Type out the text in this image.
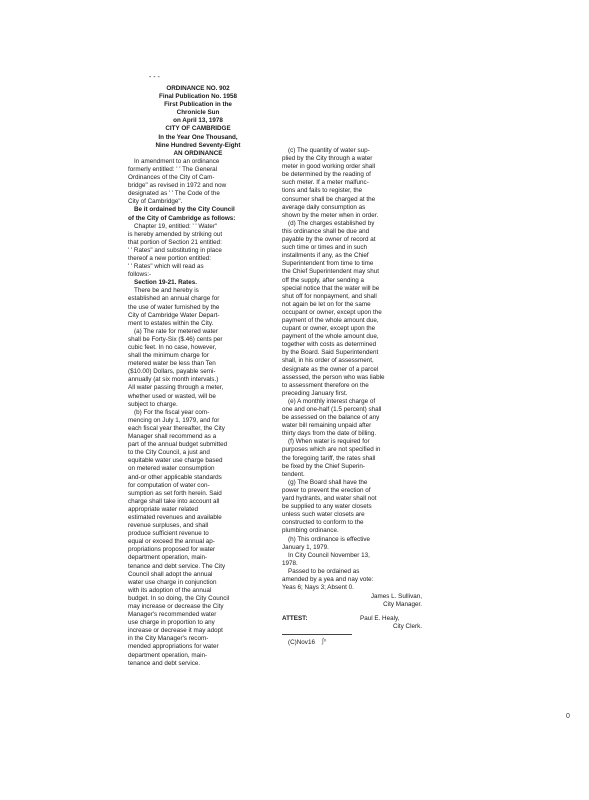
- - -

ORDINANCE NO. 902

Final Publication No. 1958

First Publication in the

Chronicle Sun

on April 13, 1978

CITY OF CAMBRIDGE

In the Year One Thousand,

Nine Hundred Seventy-Eight

AN ORDINANCE

In amendment to an ordinance

formerly entitled: ' ' The General

Ordinances of the City of Cam-

bridge" as revised in 1972 and now

designated as ' ' The Code of the

City of Cambridge".

Be it ordained by the City Council

of the City of Cambridge as follows:

Chapter 19, entitled: ' ' Water"

is hereby amended by striking out

that portion of Section 21 entitled:

' ' Rates" and substituting in place

thereof a new portion entitled:

' ' Rates" which will read as

follows:-

Section 19-21. Rates.

There be and hereby is

established an annual charge for

the use of water furnished by the

City of Cambridge Water Depart-

ment to estates within the City.

(a) The rate for metered water

shall be Forty-Six ($.46) cents per

cubic feet. In no case, however,

shall the minimum charge for

metered water be less than Ten

($10.00) Dollars, payable semi-

annually (at six month intervals.)

All water passing through a meter,

whether used or wasted, will be

subject to charge.

(b) For the fiscal year com-

mencing on July 1, 1979, and for

each fiscal year thereafter, the City

Manager shall recommend as a

part of the annual budget submitted

to the City Council, a just and

equitable water use charge based

on metered water consumption

and-or other applicable standards

for computation of water con-

sumption as set forth herein. Said

charge shall take into account all

appropriate water related

estimated revenues and available

revenue surpluses, and shall

produce sufficient revenue to

equal or exceed the annual ap-

propriations proposed for water

department operation, main-

tenance and debt service. The City

Council shall adopt the annual

water use charge in conjunction

with its adoption of the annual

budget. In so doing, the City Council

may increase or decrease the City

Manager's recommended water

use charge in proportion to any

increase or decrease it may adopt

in the City Manager's recom-

mended appropriations for water

department operation, main-

tenance and debt service.

(c) The quantity of water sup-

plied by the City through a water

meter in good working order shall

be determined by the reading of

such meter. If a meter malfunc-

tions and fails to register, the

consumer shall be charged at the

average daily consumption as

shown by the meter when in order.

(d) The charges established by

this ordinance shall be due and

payable by the owner of record at

such time or times and in such

installments if any, as the Chief

Superintendent from time to time

the Chief Superintendent may shut

off the supply, after sending a

special notice that the water will be

shut off for nonpayment, and shall

not again be let on for the same

occupant or owner, except upon the

payment of the whole amount due,

cupant or owner, except upon the

payment of the whole amount due,

together with costs as determined

by the Board. Said Superintendent

shall, in his order of assessment,

designate as the owner of a parcel

assessed, the person who was liable

to assessment therefore on the

preceding January first.

(e) A monthly interest charge of

one and one-half (1.5 percent) shall

be assessed on the balance of any

water bill remaining unpaid after

thirty days from the date of billing.

(f) When water is required for

purposes which are not specified in

the foregoing tariff, the rates shall

be fixed by the Chief Superin-

tendent.

(g) The Board shall have the

power to prevent the erection of

yard hydrants, and water shall not

be supplied to any water closets

unless such water closets are

constructed to conform to the

plumbing ordinance.

(h) This ordinance is effective

January 1, 1979.

In City Council November 13,

1978.

Passed to be ordained as

amended by a yea and nay vote:

Yeas 6; Nays 3; Absent 0.

James L. Sullivan,

City Manager.

ATTEST:	Paul E. Healy,

City Clerk.

(C)Nov16 ∫ⁿ

0
